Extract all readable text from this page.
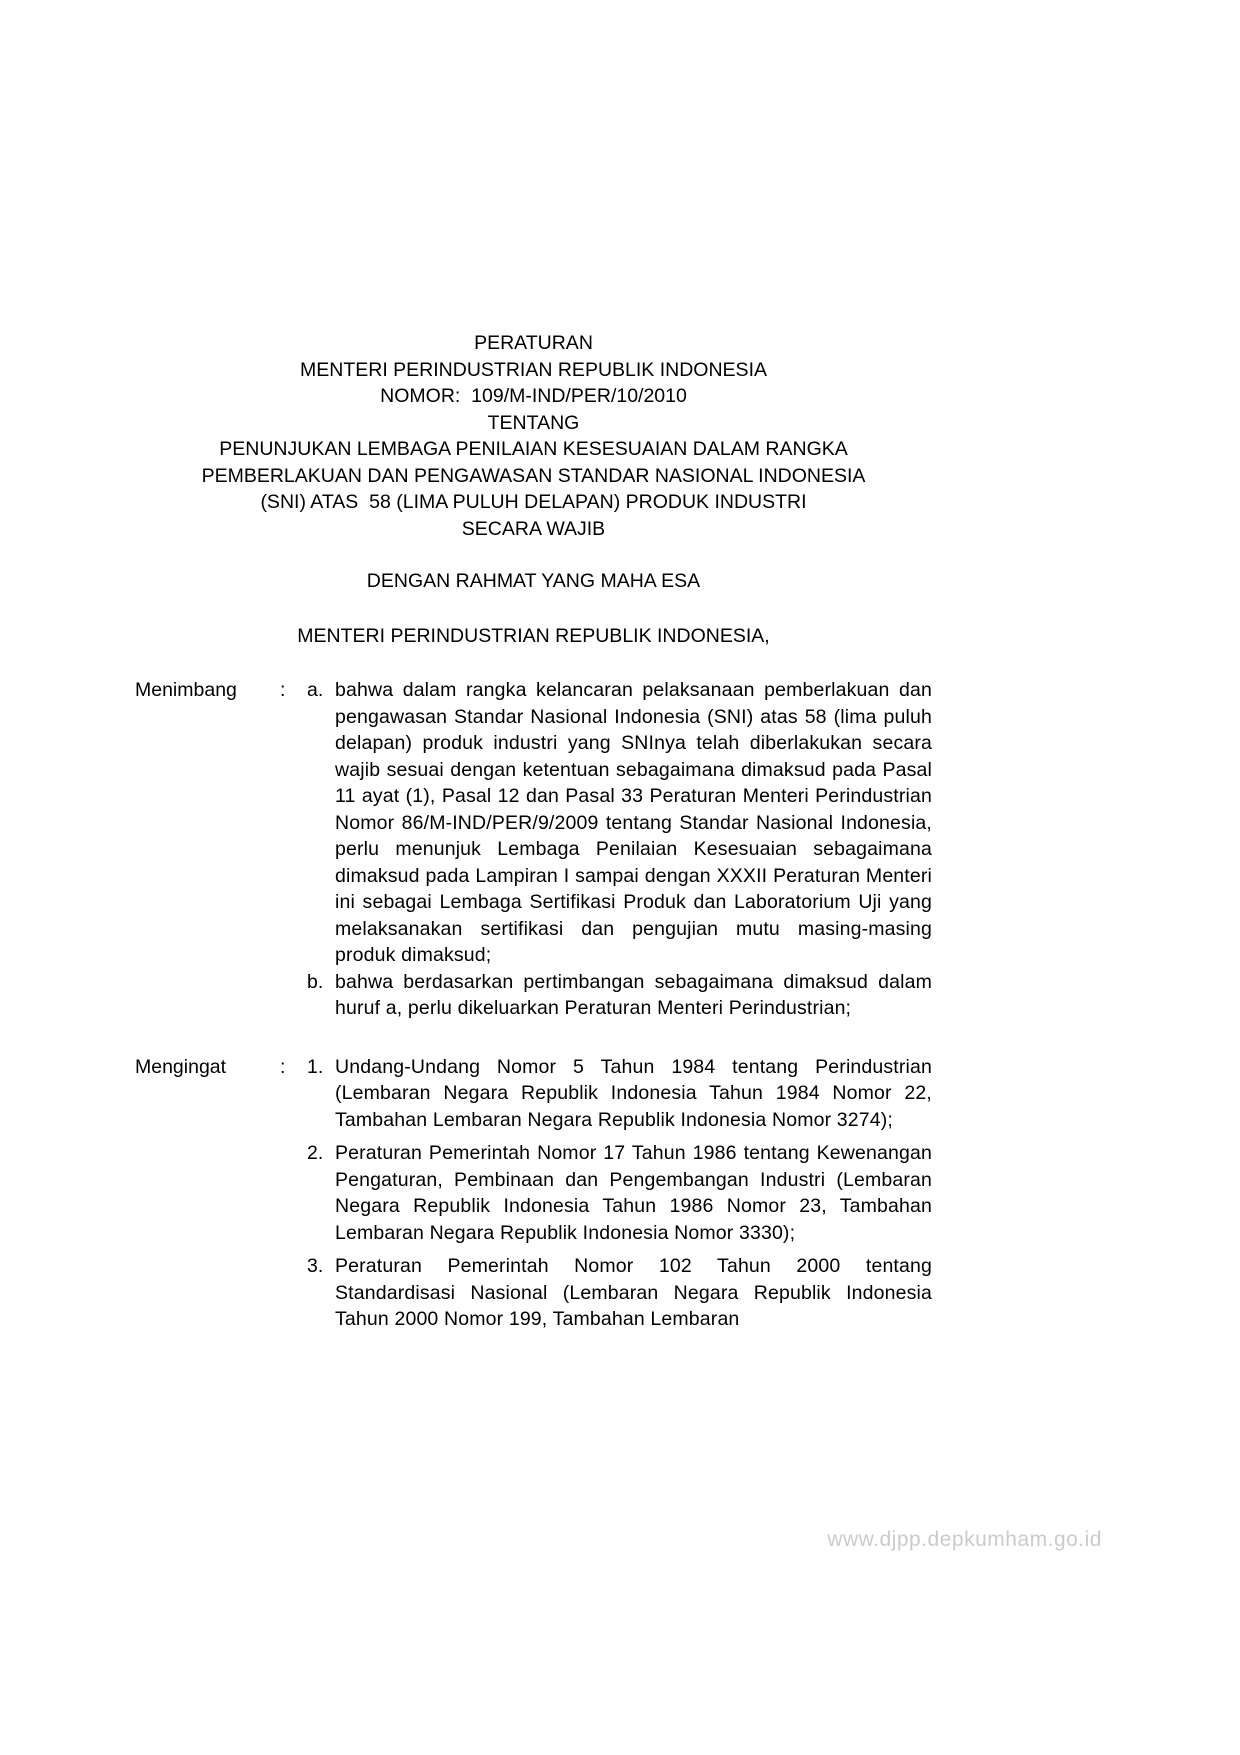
PERATURAN
MENTERI PERINDUSTRIAN REPUBLIK INDONESIA
NOMOR:  109/M-IND/PER/10/2010
TENTANG
PENUNJUKAN LEMBAGA PENILAIAN KESESUAIAN DALAM RANGKA
PEMBERLAKUAN DAN PENGAWASAN STANDAR NASIONAL INDONESIA
(SNI) ATAS  58 (LIMA PULUH DELAPAN) PRODUK INDUSTRI
SECARA WAJIB
DENGAN RAHMAT YANG MAHA ESA
MENTERI PERINDUSTRIAN REPUBLIK INDONESIA,
Menimbang	:	a. bahwa dalam rangka kelancaran pelaksanaan pemberlakuan dan pengawasan Standar Nasional Indonesia (SNI) atas 58 (lima puluh delapan) produk industri yang SNInya telah diberlakukan secara wajib sesuai dengan ketentuan sebagaimana dimaksud pada Pasal 11 ayat (1), Pasal 12 dan Pasal 33 Peraturan Menteri Perindustrian Nomor 86/M-IND/PER/9/2009 tentang Standar Nasional Indonesia, perlu menunjuk Lembaga Penilaian Kesesuaian sebagaimana dimaksud pada Lampiran I sampai dengan XXXII Peraturan Menteri ini sebagai Lembaga Sertifikasi Produk dan Laboratorium Uji yang melaksanakan sertifikasi dan pengujian mutu masing-masing produk dimaksud;
b. bahwa berdasarkan pertimbangan sebagaimana dimaksud dalam huruf a, perlu dikeluarkan Peraturan Menteri Perindustrian;
Mengingat	:	1. Undang-Undang Nomor 5 Tahun 1984 tentang Perindustrian (Lembaran Negara Republik Indonesia Tahun 1984 Nomor 22, Tambahan Lembaran Negara Republik Indonesia Nomor 3274);
2. Peraturan Pemerintah Nomor 17 Tahun 1986 tentang Kewenangan Pengaturan, Pembinaan dan Pengembangan Industri (Lembaran Negara Republik Indonesia Tahun 1986 Nomor 23, Tambahan Lembaran Negara Republik Indonesia Nomor 3330);
3. Peraturan Pemerintah Nomor 102 Tahun 2000 tentang Standardisasi Nasional (Lembaran Negara Republik Indonesia Tahun 2000 Nomor 199, Tambahan Lembaran
www.djpp.depkumham.go.id
